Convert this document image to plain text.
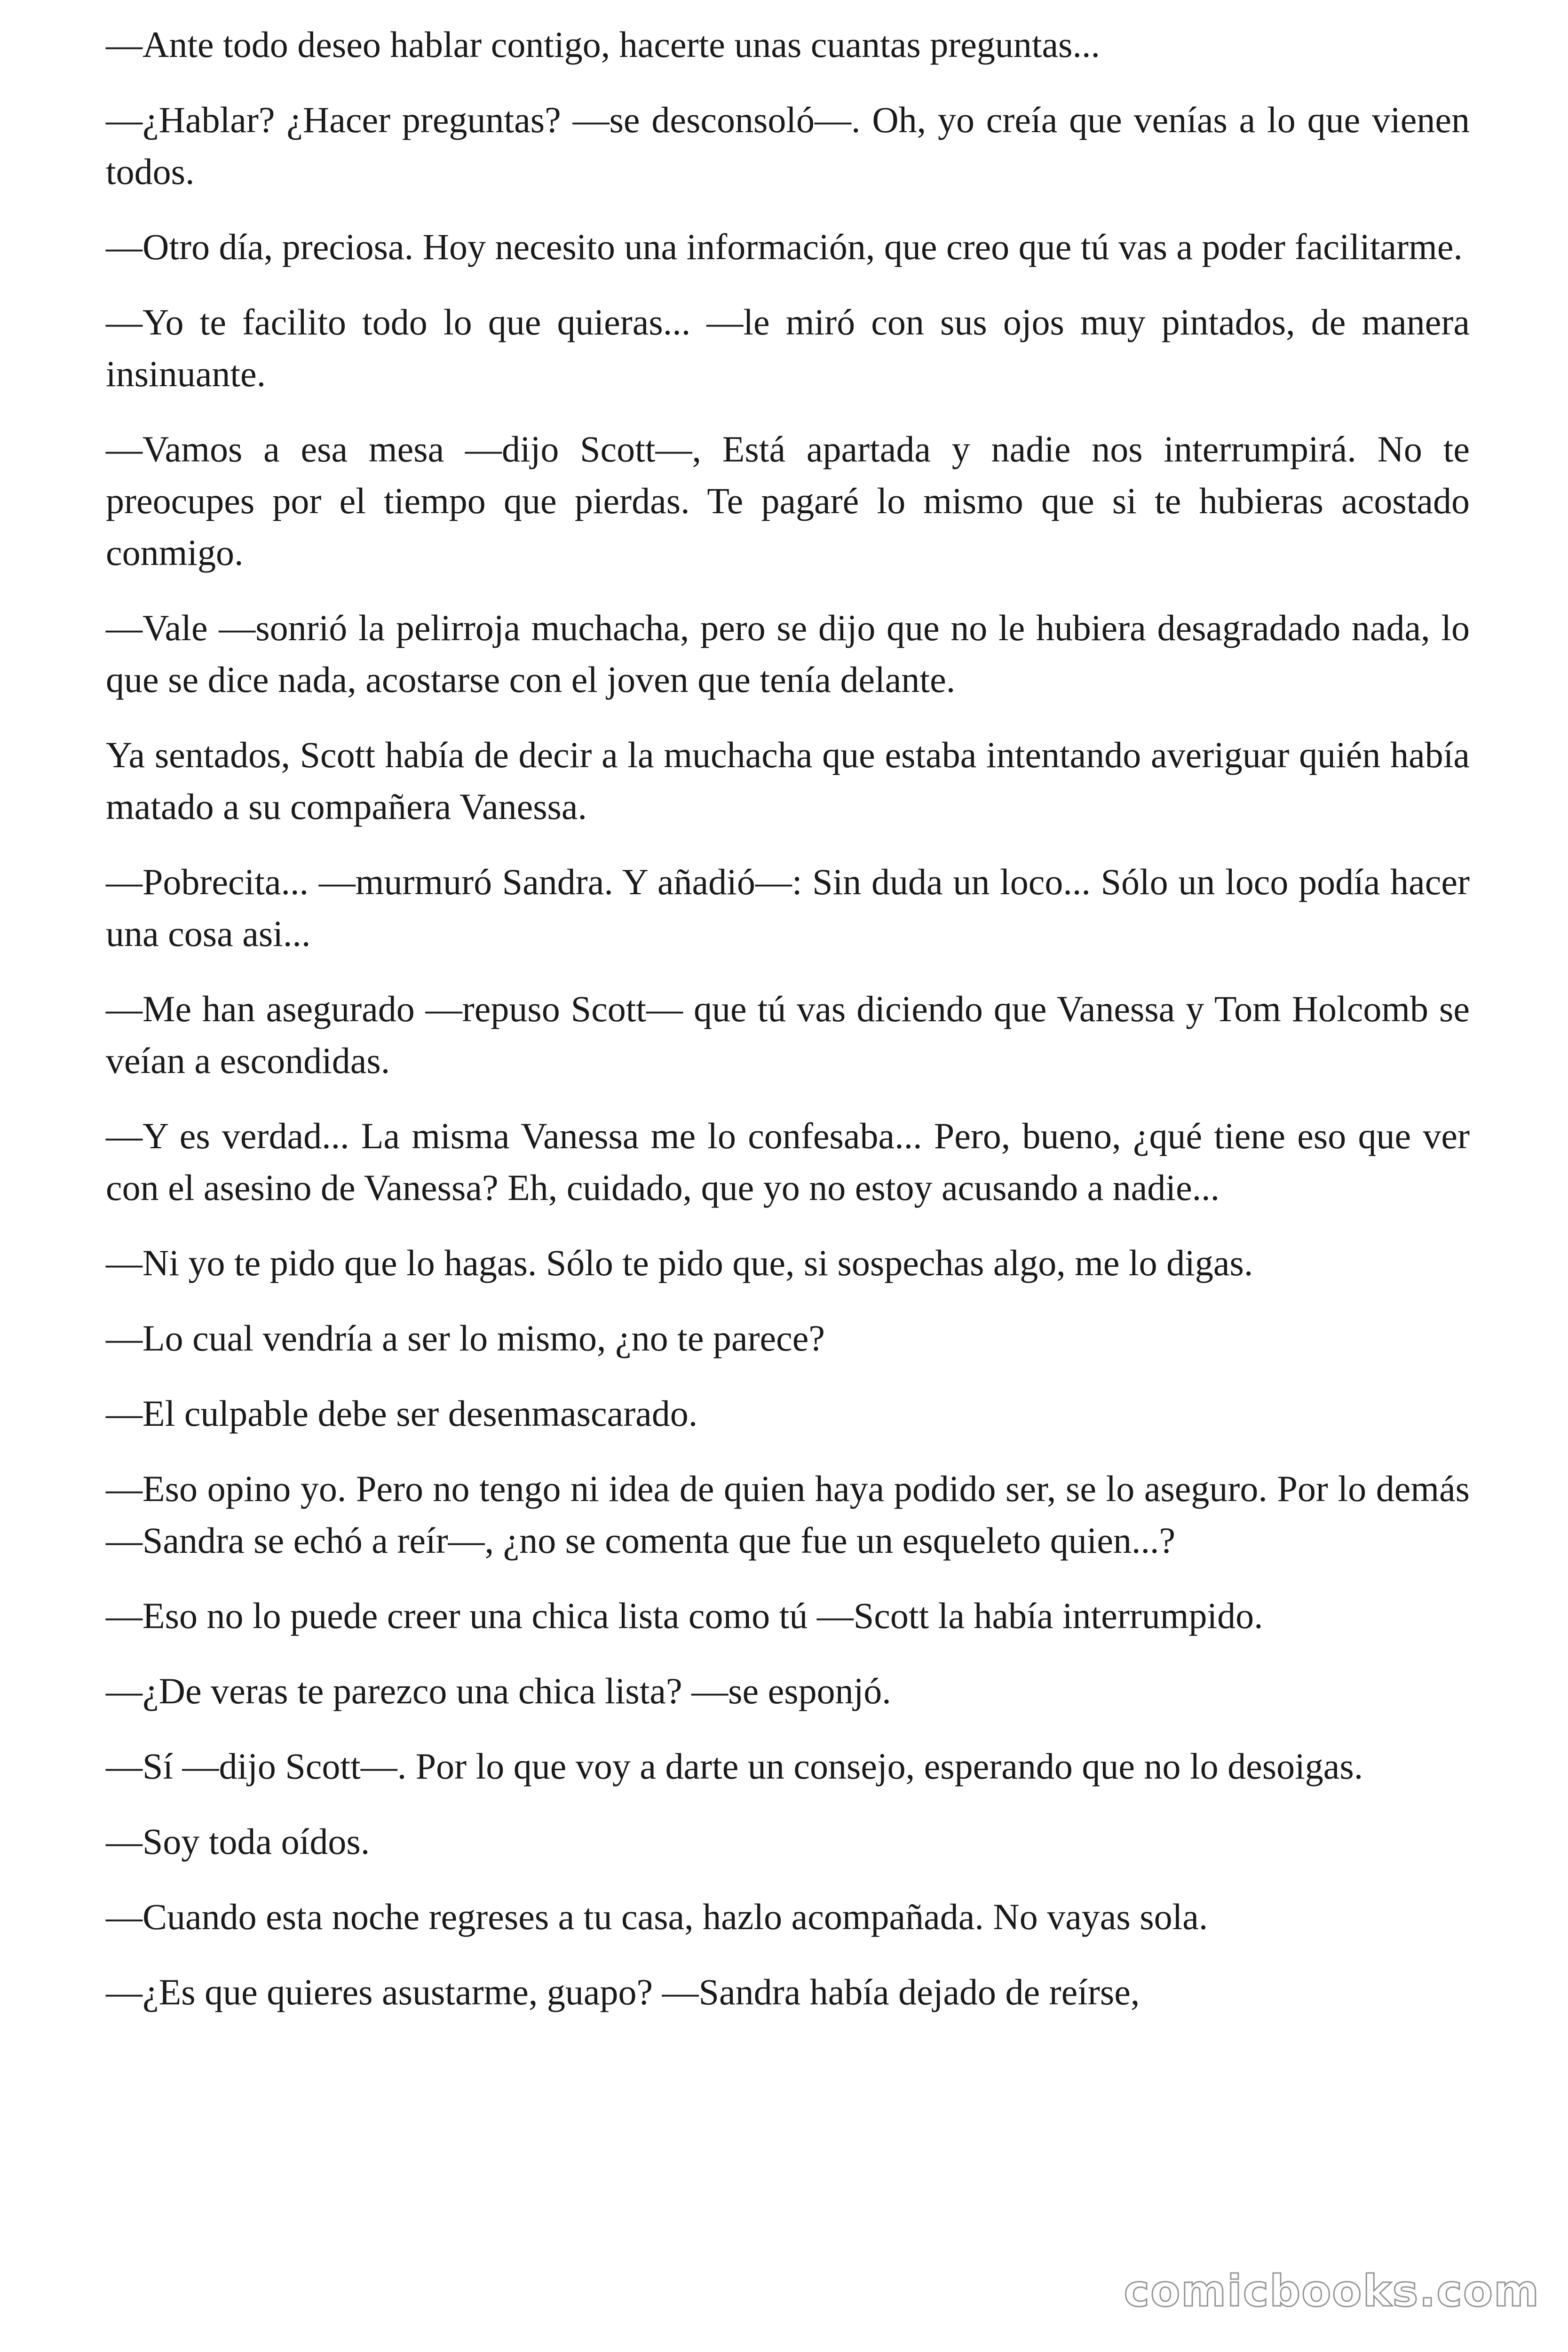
—Ante todo deseo hablar contigo, hacerte unas cuantas preguntas...

—¿Hablar? ¿Hacer preguntas? —se desconsoló—. Oh, yo creía que venías a lo que vienen todos.

—Otro día, preciosa. Hoy necesito una información, que creo que tú vas a poder facilitarme.

—Yo te facilito todo lo que quieras... —le miró con sus ojos muy pintados, de manera insinuante.

—Vamos a esa mesa —dijo Scott—, Está apartada y nadie nos interrumpirá. No te preocupes por el tiempo que pierdas. Te pagaré lo mismo que si te hubieras acostado conmigo.

—Vale —sonrió la pelirroja muchacha, pero se dijo que no le hubiera desagradado nada, lo que se dice nada, acostarse con el joven que tenía delante.

Ya sentados, Scott había de decir a la muchacha que estaba intentando averiguar quién había matado a su compañera Vanessa.

—Pobrecita... —murmuró Sandra. Y añadió—: Sin duda un loco... Sólo un loco podía hacer una cosa asi...

—Me han asegurado —repuso Scott— que tú vas diciendo que Vanessa y Tom Holcomb se veían a escondidas.

—Y es verdad... La misma Vanessa me lo confesaba... Pero, bueno, ¿qué tiene eso que ver con el asesino de Vanessa? Eh, cuidado, que yo no estoy acusando a nadie...

—Ni yo te pido que lo hagas. Sólo te pido que, si sospechas algo, me lo digas.

—Lo cual vendría a ser lo mismo, ¿no te parece?

—El culpable debe ser desenmascarado.

—Eso opino yo. Pero no tengo ni idea de quien haya podido ser, se lo aseguro. Por lo demás —Sandra se echó a reír—, ¿no se comenta que fue un esqueleto quien...?

—Eso no lo puede creer una chica lista como tú —Scott la había interrumpido.

—¿De veras te parezco una chica lista? —se esponjó.

—Sí —dijo Scott—. Por lo que voy a darte un consejo, esperando que no lo desoigas.

—Soy toda oídos.

—Cuando esta noche regreses a tu casa, hazlo acompañada. No vayas sola.

—¿Es que quieres asustarme, guapo? —Sandra había dejado de reírse,

comicbooks.com
